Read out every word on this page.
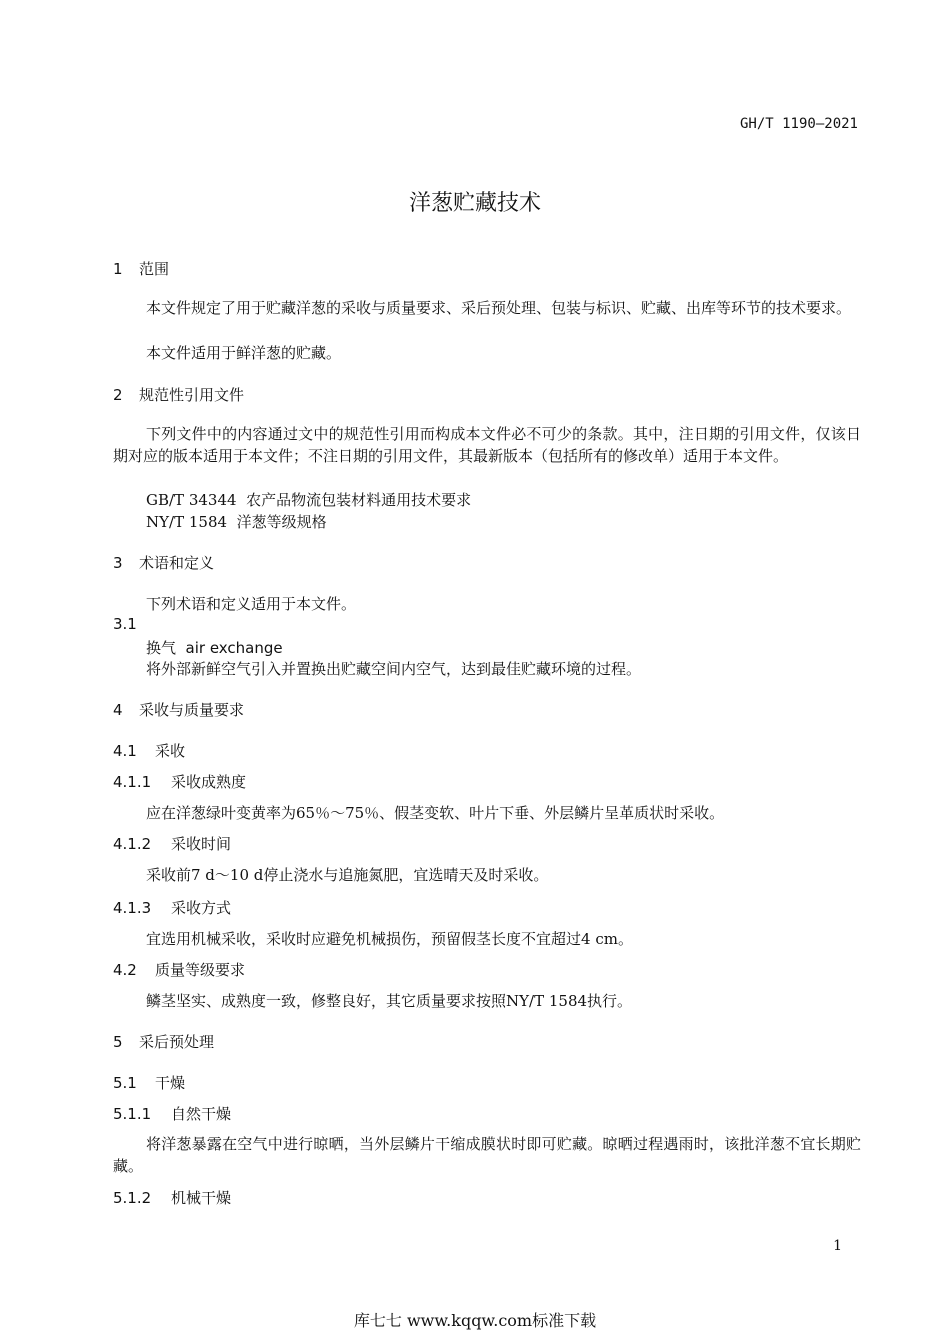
GH/T 1190—2021
洋葱贮藏技术
1 范围
本文件规定了用于贮藏洋葱的采收与质量要求、采后预处理、包装与标识、贮藏、出库等环节的技术要求。
本文件适用于鲜洋葱的贮藏。
2 规范性引用文件
下列文件中的内容通过文中的规范性引用而构成本文件必不可少的条款。其中，注日期的引用文件，仅该日期对应的版本适用于本文件；不注日期的引用文件，其最新版本（包括所有的修改单）适用于本文件。
GB/T 34344  农产品物流包装材料通用技术要求
NY/T 1584  洋葱等级规格
3 术语和定义
下列术语和定义适用于本文件。
3.1
换气  air exchange
将外部新鲜空气引入并置换出贮藏空间内空气，达到最佳贮藏环境的过程。
4 采收与质量要求
4.1 采收
4.1.1 采收成熟度
应在洋葱绿叶变黄率为65％～75％、假茎变软、叶片下垂、外层鳞片呈革质状时采收。
4.1.2 采收时间
采收前7 d～10 d停止浇水与追施氮肥，宜选晴天及时采收。
4.1.3 采收方式
宜选用机械采收，采收时应避免机械损伤，预留假茎长度不宜超过4 cm。
4.2 质量等级要求
鳞茎坚实、成熟度一致，修整良好，其它质量要求按照NY/T 1584执行。
5 采后预处理
5.1 干燥
5.1.1 自然干燥
将洋葱暴露在空气中进行晾晒，当外层鳞片干缩成膜状时即可贮藏。晾晒过程遇雨时，该批洋葱不宜长期贮藏。
5.1.2 机械干燥
1
库七七 www.kqqw.com标准下载
